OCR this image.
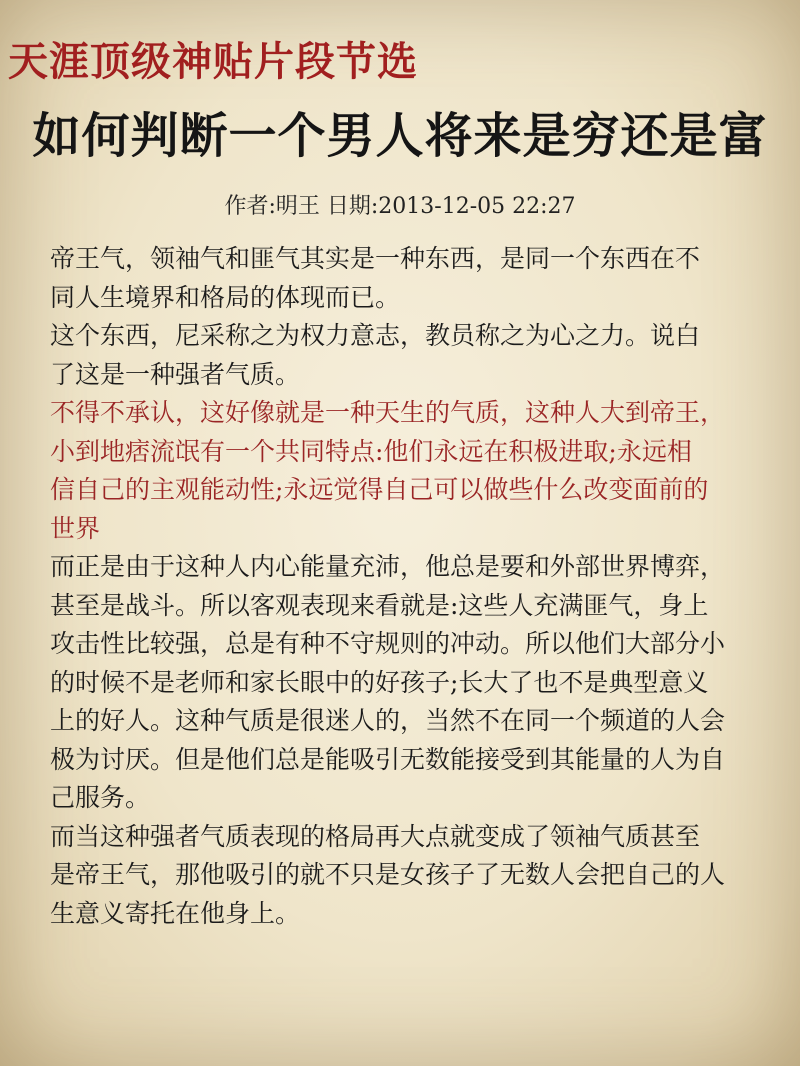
天涯顶级神贴片段节选
如何判断一个男人将来是穷还是富
作者:明王 日期:2013-12-05 22:27
帝王气，领袖气和匪气其实是一种东西，是同一个东西在不
同人生境界和格局的体现而已。
这个东西，尼采称之为权力意志，教员称之为心之力。说白
了这是一种强者气质。
不得不承认，这好像就是一种天生的气质，这种人大到帝王，
小到地痞流氓有一个共同特点:他们永远在积极进取;永远相
信自己的主观能动性;永远觉得自己可以做些什么改变面前的
世界
而正是由于这种人内心能量充沛，他总是要和外部世界博弈，
甚至是战斗。所以客观表现来看就是:这些人充满匪气，身上
攻击性比较强，总是有种不守规则的冲动。所以他们大部分小
的时候不是老师和家长眼中的好孩子;长大了也不是典型意义
上的好人。这种气质是很迷人的，当然不在同一个频道的人会
极为讨厌。但是他们总是能吸引无数能接受到其能量的人为自
己服务。
而当这种强者气质表现的格局再大点就变成了领袖气质甚至
是帝王气，那他吸引的就不只是女孩子了无数人会把自己的人
生意义寄托在他身上。
